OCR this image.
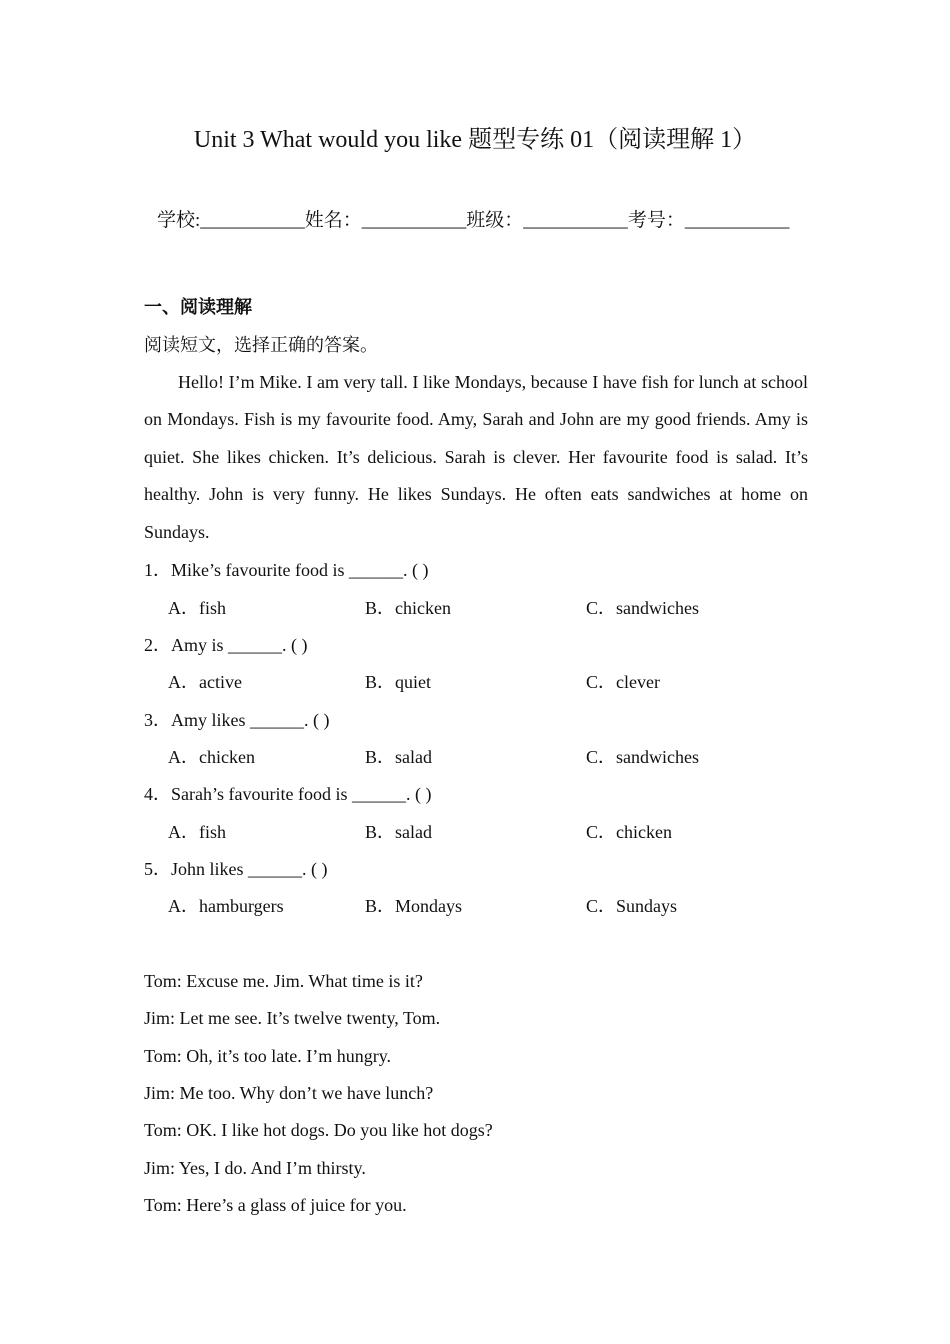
Unit 3 What would you like 题型专练 01（阅读理解 1）
学校:___________姓名：___________班级：___________考号：___________
一、阅读理解
阅读短文，选择正确的答案。

Hello! I’m Mike. I am very tall. I like Mondays, because I have fish for lunch at school on Mondays. Fish is my favourite food. Amy, Sarah and John are my good friends. Amy is quiet. She likes chicken. It’s delicious. Sarah is clever. Her favourite food is salad. It’s healthy. John is very funny. He likes Sundays. He often eats sandwiches at home on Sundays.

1．Mike’s favourite food is ______. ( )
A．fish	B．chicken	C．sandwiches
2．Amy is ______. ( )
A．active	B．quiet	C．clever
3．Amy likes ______. ( )
A．chicken	B．salad	C．sandwiches
4．Sarah’s favourite food is ______. ( )
A．fish	B．salad	C．chicken
5．John likes ______. ( )
A．hamburgers	B．Mondays	C．Sundays
Tom: Excuse me. Jim. What time is it?
Jim: Let me see. It’s twelve twenty, Tom.
Tom: Oh, it’s too late. I’m hungry.
Jim: Me too. Why don’t we have lunch?
Tom: OK. I like hot dogs. Do you like hot dogs?
Jim: Yes, I do. And I’m thirsty.
Tom: Here’s a glass of juice for you.
